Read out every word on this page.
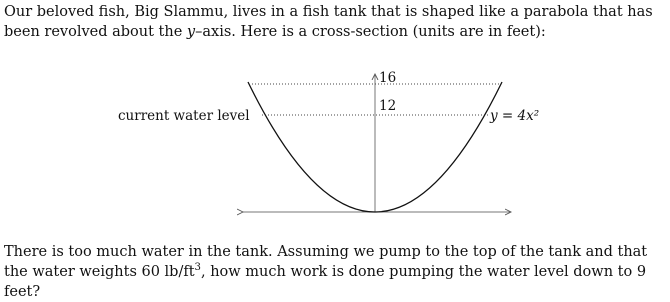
Our beloved fish, Big Slammu, lives in a fish tank that is shaped like a parabola that has been revolved about the y–axis. Here is a cross-section (units are in feet):

current water level
16
12
y = 4x²

There is too much water in the tank. Assuming we pump to the top of the tank and that the water weights 60 $lb/ft^3$, how much work is done pumping the water level down to 9 feet?
